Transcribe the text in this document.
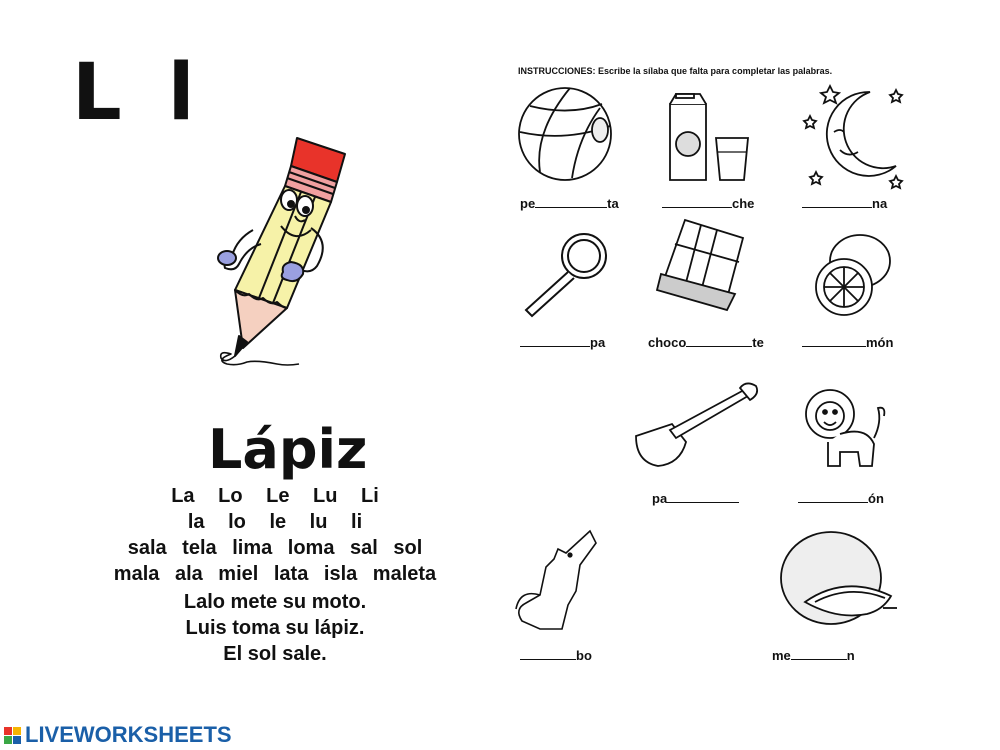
L l
Lápiz
La Lo Le Lu Li
la lo le lu li
sala tela lima loma sal sol
mala ala miel lata isla maleta
Lalo mete su moto.
Luis toma su lápiz.
El sol sale.
INSTRUCCIONES: Escribe la sílaba que falta para completar las palabras.
pe	ta	che	na
pa	choco	te	món
pa	ón
bo	me	n
LIVEWORKSHEETS
